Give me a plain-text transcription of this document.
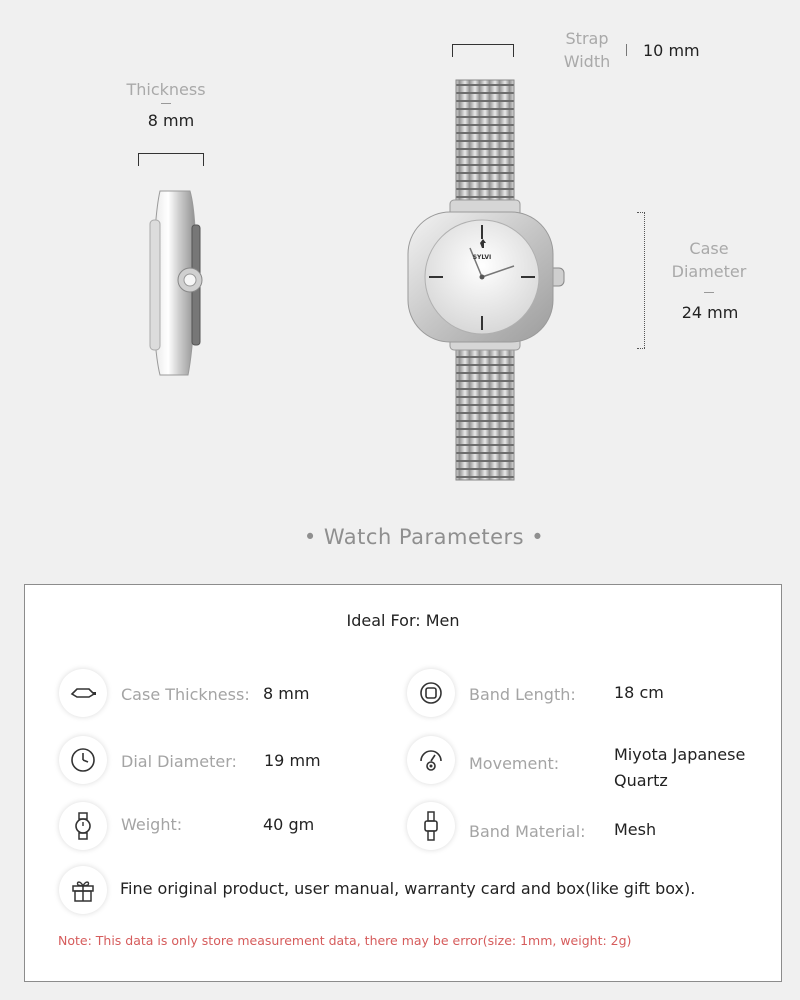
Thickness
8 mm
Strap
Width
10 mm
SYLVI	Case
Diameter
24 mm
• Watch Parameters •
Ideal For: Men
Case Thickness: 8 mm	Band Length: 18 cm
Dial Diameter: 19 mm	Movement:	Miyota Japanese
Quartz
Weight:	40 gm	Band Material: Mesh
Fine original product, user manual, warranty card and box(like gift box).
Note: This data is only store measurement data, there may be error(size: 1mm, weight: 2g)
